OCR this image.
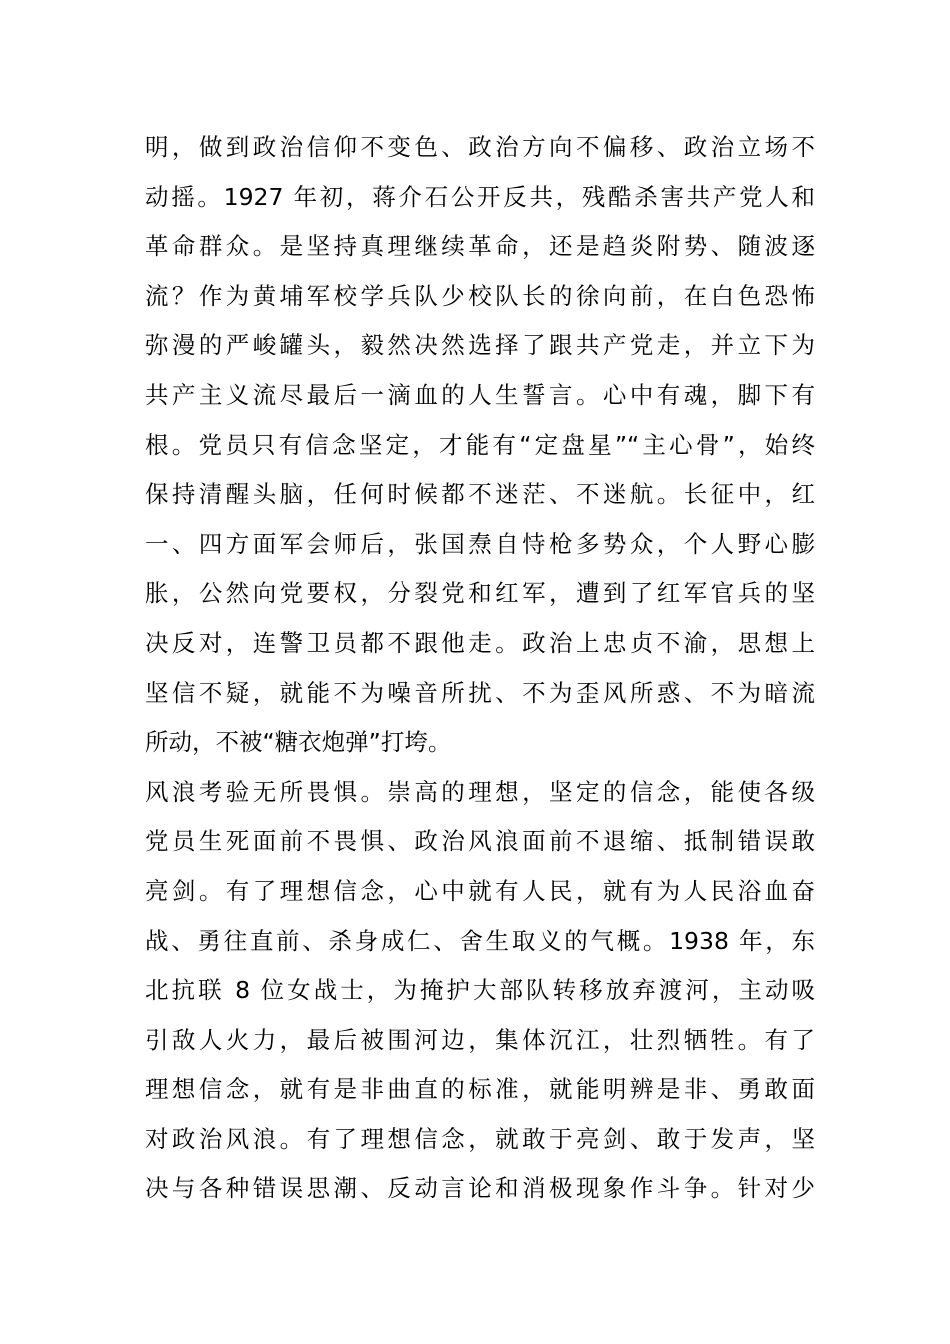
明，做到政治信仰不变色、政治方向不偏移、政治立场不
动摇。1927 年初，蒋介石公开反共，残酷杀害共产党人和
革命群众。是坚持真理继续革命，还是趋炎附势、随波逐
流？作为黄埔军校学兵队少校队长的徐向前，在白色恐怖
弥漫的严峻罐头，毅然决然选择了跟共产党走，并立下为
共产主义流尽最后一滴血的人生誓言。心中有魂，脚下有
根。党员只有信念坚定，才能有“定盘星”“主心骨”，始终
保持清醒头脑，任何时候都不迷茫、不迷航。长征中，红
一、四方面军会师后，张国焘自恃枪多势众，个人野心膨
胀，公然向党要权，分裂党和红军，遭到了红军官兵的坚
决反对，连警卫员都不跟他走。政治上忠贞不渝，思想上
坚信不疑，就能不为噪音所扰、不为歪风所惑、不为暗流
所动，不被“糖衣炮弹”打垮。
风浪考验无所畏惧。崇高的理想，坚定的信念，能使各级
党员生死面前不畏惧、政治风浪面前不退缩、抵制错误敢
亮剑。有了理想信念，心中就有人民，就有为人民浴血奋
战、勇往直前、杀身成仁、舍生取义的气概。1938 年，东
北抗联 8 位女战士，为掩护大部队转移放弃渡河，主动吸
引敌人火力，最后被围河边，集体沉江，壮烈牺牲。有了
理想信念，就有是非曲直的标准，就能明辨是非、勇敢面
对政治风浪。有了理想信念，就敢于亮剑、敢于发声，坚
决与各种错误思潮、反动言论和消极现象作斗争。针对少
